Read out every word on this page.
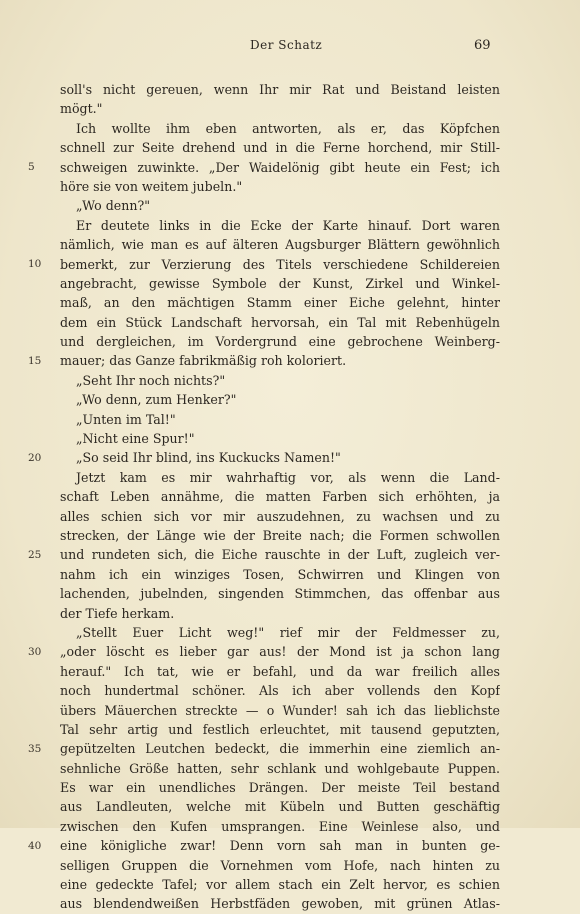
Der Schatz	69
soll's nicht gereuen, wenn Ihr mir Rat und Beistand leisten
mögt."
Ich wollte ihm eben antworten, als er, das Köpfchen
schnell zur Seite drehend und in die Ferne horchend, mir Still-
schweigen zuwinkte. „Der Waidelönig gibt heute ein Fest; ich
höre sie von weitem jubeln."
„Wo denn?"
Er deutete links in die Ecke der Karte hinauf. Dort waren
nämlich, wie man es auf älteren Augsburger Blättern gewöhnlich
bemerkt, zur Verzierung des Titels verschiedene Schildereien
angebracht, gewisse Symbole der Kunst, Zirkel und Winkel-
maß, an den mächtigen Stamm einer Eiche gelehnt, hinter
dem ein Stück Landschaft hervorsah, ein Tal mit Rebenhügeln
und dergleichen, im Vordergrund eine gebrochene Weinberg-
mauer; das Ganze fabrikmäßig roh koloriert.
„Seht Ihr noch nichts?"
„Wo denn, zum Henker?"
„Unten im Tal!"
„Nicht eine Spur!"
„So seid Ihr blind, ins Kuckucks Namen!"
Jetzt kam es mir wahrhaftig vor, als wenn die Land-
schaft Leben annähme, die matten Farben sich erhöhten, ja
alles schien sich vor mir auszudehnen, zu wachsen und zu
strecken, der Länge wie der Breite nach; die Formen schwollen
und rundeten sich, die Eiche rauschte in der Luft, zugleich ver-
nahm ich ein winziges Tosen, Schwirren und Klingen von
lachenden, jubelnden, singenden Stimmchen, das offenbar aus
der Tiefe herkam.
„Stellt Euer Licht weg!" rief mir der Feldmesser zu,
„oder löscht es lieber gar aus! der Mond ist ja schon lang
herauf." Ich tat, wie er befahl, und da war freilich alles
noch hundertmal schöner. Als ich aber vollends den Kopf
übers Mäuerchen streckte — o Wunder! sah ich das lieblichste
Tal sehr artig und festlich erleuchtet, mit tausend geputzten,
gepützelten Leutchen bedeckt, die immerhin eine ziemlich an-
sehnliche Größe hatten, sehr schlank und wohlgebaute Puppen.
Es war ein unendliches Drängen. Der meiste Teil bestand
aus Landleuten, welche mit Kübeln und Butten geschäftig
zwischen den Kufen umsprangen. Eine Weinlese also, und
eine königliche zwar! Denn vorn sah man in bunten ge-
selligen Gruppen die Vornehmen vom Hofe, nach hinten zu
eine gedeckte Tafel; vor allem stach ein Zelt hervor, es schien
aus blendendweißen Herbstfäden gewoben, mit grünen Atlas-
5
10
15
20
25
30
35
40
